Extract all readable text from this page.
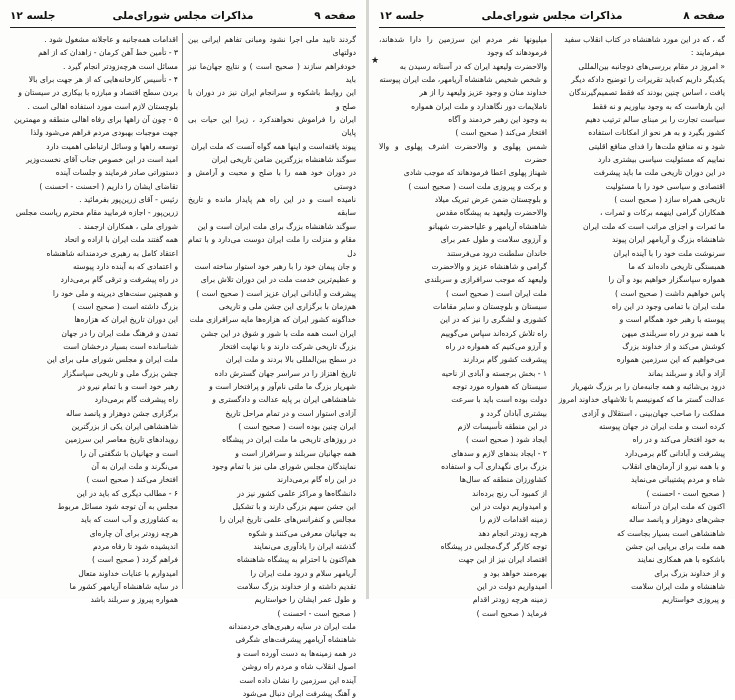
صفحه ۹
مذاکرات مجلس شورای‌ملی
جلسه ۱۲

گردند تابید ملی اجرا نشود ومبانی تفاهم ایرانی بین دولتهای

خودفراهم سازند ( صحیح است ) و نتایج جهان‌ما نیز باید

این روابط باشکوه و سرانجام ایران نیز در دوران با صلح و

ایران را فراموش نخواهندکرد ، زیرا این حیات بی پایان

پیوند یافته‌است و اینها همه گواه آنست که ملت ایران

سوگند شاهنشاه بزرگترین ضامن تاریخی ایران

در دوران خود همه را با صلح و محبت و آرامش و دوستی

نامیده است و در این راه هم پایدار مانده و تاریخ سابقه

سوگند شاهنشاه بزرگ برای ملت ایران است و این

مقام و منزلت را ملت ایران دوست می‌دارد و با تمام دل

و جان پیمان خود را با رهبر خود استوار ساخته است

و عظیم‌ترین خدمت ملت در این دوران تلاش برای

پیشرفت و آبادانی ایران عزیز است ( صحیح است )

هم‌زمان با برگزاری این جشن ملی و تاریخی

خداگونه کشور ایران که هزاره‌ها مایه سرافرازی ملت

ایران است همه ملت با شور و شوق در این جشن

بزرگ تاریخی شرکت دارند و با نهایت افتخار

در سطح بین‌المللی بالا بردند و ملت ایران

تاریخ اهتزاز را در سراسر جهان گسترش داده

شهریار بزرگ ما ملتی نام‌آور و پرافتخار است و

شاهنشاهی ایران بر پایه عدالت و دادگستری و

آزادی استوار است و در تمام مراحل تاریخ

ایران چنین بوده است ( صحیح است )

در روزهای تاریخی ما ملت ایران در پیشگاه

همه جهانیان سربلند و سرافراز است و

نمایندگان مجلس شورای ملی نیز با تمام وجود

در این راه گام برمی‌دارند

دانشگاه‌ها و مراکز علمی کشور نیز در

این جشن سهم بزرگی دارند و با تشکیل

مجالس و کنفرانس‌های علمی تاریخ ایران را

به جهانیان معرفی می‌کنند و شکوه

گذشته ایران را یادآوری می‌نمایند

هم‌اکنون با احترام به پیشگاه شاهنشاه

آریامهر سلام و درود ملت ایران را

تقدیم داشته و از خداوند بزرگ سلامت

و طول عمر ایشان را خواستاریم

( صحیح است - احسنت )

ملت ایران در سایه رهبری‌های خردمندانه

شاهنشاه آریامهر پیشرفت‌های شگرفی

در همه زمینه‌ها به دست آورده است و

اصول انقلاب شاه و مردم راه روشن

آینده این سرزمین را نشان داده است

و آهنگ پیشرفت ایران دنبال می‌شود

اقدامات همه‌جانبه و عاجلانه مشغول شود .

۳ - تأمین خط آهن کرمان - زاهدان که از اهم

مسائل است هرچه‌زودتر انجام گیرد .

۴ - تأسیس کارخانه‌هایی که از هر جهت برای بالا

بردن سطح اقتصاد و مبارزه با بیکاری در سیستان و

بلوچستان لازم است مورد استفاده اهالی است .

۵ - چون آن راهها برای رفاه اهالی منطقه و مهمترین

جهت موجبات بهبودی مردم فراهم می‌شود ولذا

توسعه راهها و وسائل ارتباطی اهمیت دارد

امید است در این خصوص جناب آقای نخست‌وزیر

دستوراتی صادر فرمایند و جلسات آینده

تقاضای ایشان را داریم ( احسنت - احسنت )

رئیس - آقای زرین‌پور بفرمائید .

زرین‌پور - اجازه فرمایید مقام محترم ریاست مجلس

شورای ملی ، همکاران ارجمند .

همه گفتند ملت ایران با اراده و اتحاد

اعتقاد کامل به رهبری خردمندانه شاهنشاه

و اعتمادی که به آینده دارد پیوسته

در راه پیشرفت و ترقی گام برمی‌دارد

و همچنین سنت‌های دیرینه و ملی خود را

بزرگ داشته است ( صحیح است )

این دوران تاریخ ایران که هزاره‌ها

تمدن و فرهنگ ملت ایران را در جهان

شناسانده است بسیار درخشان است

ملت ایران و مجلس شورای ملی برای این

جشن بزرگ ملی و تاریخی سپاسگزار

رهبر خود است و با تمام نیرو در

راه پیشرفت گام برمی‌دارد

برگزاری جشن دوهزار و پانصد ساله

شاهنشاهی ایران یکی از بزرگترین

رویدادهای تاریخ معاصر این سرزمین

است و جهانیان با شگفتی آن را

می‌نگرند و ملت ایران به آن

افتخار می‌کند ( صحیح است )

۶ - مطالب دیگری که باید در این

مجلس به آن توجه شود مسائل مربوط

به کشاورزی و آب است که باید

هرچه زودتر برای آن چاره‌ای

اندیشیده شود تا رفاه مردم

فراهم گردد ( صحیح است )

امیدوارم با عنایات خداوند متعال

در سایه شاهنشاه آریامهر کشور ما

همواره پیروز و سربلند باشد

صفحه ۸
مذاکرات مجلس شورای‌ملی
جلسه ۱۲

گه ، که در این مورد شاهنشاه در کتاب انقلاب سفید

میفرمایند :

« امروز در مقام بررسی‌های دوجانبه بین‌المللی

یکدیگر داریم که‌باید تقریرات را توضیح دادکه دیگر

یافت ، اساس چنین بودند که فقط تصمیم‌گیرندگان

این بارها‌ست که به وجود بیاوریم و نه فقط

سیاست تجارت را بر مبنای سالم ترتیب دهیم

کشور بگیرد و به هر نحو از امکانات استفاده

شود و نه منافع ملت‌ها را فدای منافع اقلیتی

نماییم که مسئولیت سیاسی بیشتری دارد

در این دوران تاریخی ملت ما باید پیشرفت

اقتصادی و سیاسی خود را با مسئولیت

تاریخی همراه سازد ( صحیح است )

همکاران گرامی اینهمه برکات و ثمرات ،

ما ثمرات و اجزای مراتب است که ملت ایران

شاهنشاه بزرگ و آریامهر ایران پیوند

سرنوشت ملت خود را با آینده ایران

همبستگی تاریخی داده‌اند که ما

همواره سپاسگزار خواهیم بود و آن را

پاس خواهیم داشت ( صحیح است )

ملت ایران با تمامی وجود در این راه

پیوسته با رهبر خود همگام است و

با همه نیرو در راه سربلندی میهن

کوشش می‌کند و از خداوند بزرگ

می‌خواهیم که این سرزمین همواره

آزاد و آباد و سربلند بماند

درود بی‌شائبه و همه جانبه‌مان را بر بزرگ شهریار

عدالت گستر ما که کمونیسم با تلاشهای خداوند امروز

مملکت را صاحب جهان‌بینی ، استقلال و آزادی

کرده است و ملت ایران در جهان پیوسته

به خود افتخار می‌کند و در راه

پیشرفت و آبادانی گام برمی‌دارد

و با همه نیرو از آرمان‌های انقلاب

شاه و مردم پشتیبانی می‌نماید

( صحیح است - احسنت )

اکنون که ملت ایران در آستانه

جشن‌های دوهزار و پانصد ساله

شاهنشاهی است بسیار بجاست که

همه ملت برای برپایی این جشن

باشکوه با هم همکاری نمایند

و از خداوند بزرگ برای

شاهنشاه و ملت ایران سلامت

و پیروزی خواستاریم

میلیونها نفر مردم این سرزمین را دارا شدهاند، فرمودهاند که وجود

والاحضرت ولیعهد ایران که در آستانه رسیدن به

و شخص شخیص شاهنشاه آریامهر، ملت ایران پیوسته

خداوند منان و وجود عزیز ولیعهد را از هر

ناملایمات دور نگاهدارد و ملت ایران همواره

به وجود این رهبر خردمند و آگاه

افتخار می‌کند ( صحیح است )

شمس پهلوی و والاحضرت اشرف پهلوی و والا حضرت

شهناز پهلوی اعطا فرمودهاند که موجب شادی

و برکت و پیروزی ملت است ( صحیح است )

و بلوچستان ضمن عرض تبریک میلاد

والاحضرت ولیعهد به پیشگاه مقدس

شاهنشاه آریامهر و علیاحضرت شهبانو

و آرزوی سلامت و طول عمر برای

خاندان سلطنت درود می‌فرستند

گرامی و شاهنشاه عزیز و والاحضرت

ولیعهد که موجب سرافرازی و سربلندی

ملت ایران است ( صحیح است )

سیستان و بلوچستان و سایر مقامات

کشوری و لشگری را نیز که در این

راه تلاش کرده‌اند سپاس می‌گوییم

و آرزو می‌کنیم که همواره در راه

پیشرفت کشور گام بردارند

۱ - بخش برجسته و آبادی از ناحیه

سیستان که همواره مورد توجه

دولت بوده است باید با سرعت

بیشتری آبادان گردد و

در این منطقه تأسیسات لازم

ایجاد شود ( صحیح است )

۲ - ایجاد بندهای لازم و سدهای

بزرگ برای نگهداری آب و استفاده

کشاورزان منطقه که سال‌ها

از کمبود آب رنج برده‌اند

و امیدواریم دولت در این

زمینه اقدامات لازم را

هرچه زودتر انجام دهد

توجه کارگر گرگ‌مجلس در پیشگاه

اقتصاد ایران نیز از این جهت

بهره‌مند خواهد بود و

امیدواریم دولت در این

زمینه هرچه زودتر اقدام

فرماید ( صحیح است )

★
